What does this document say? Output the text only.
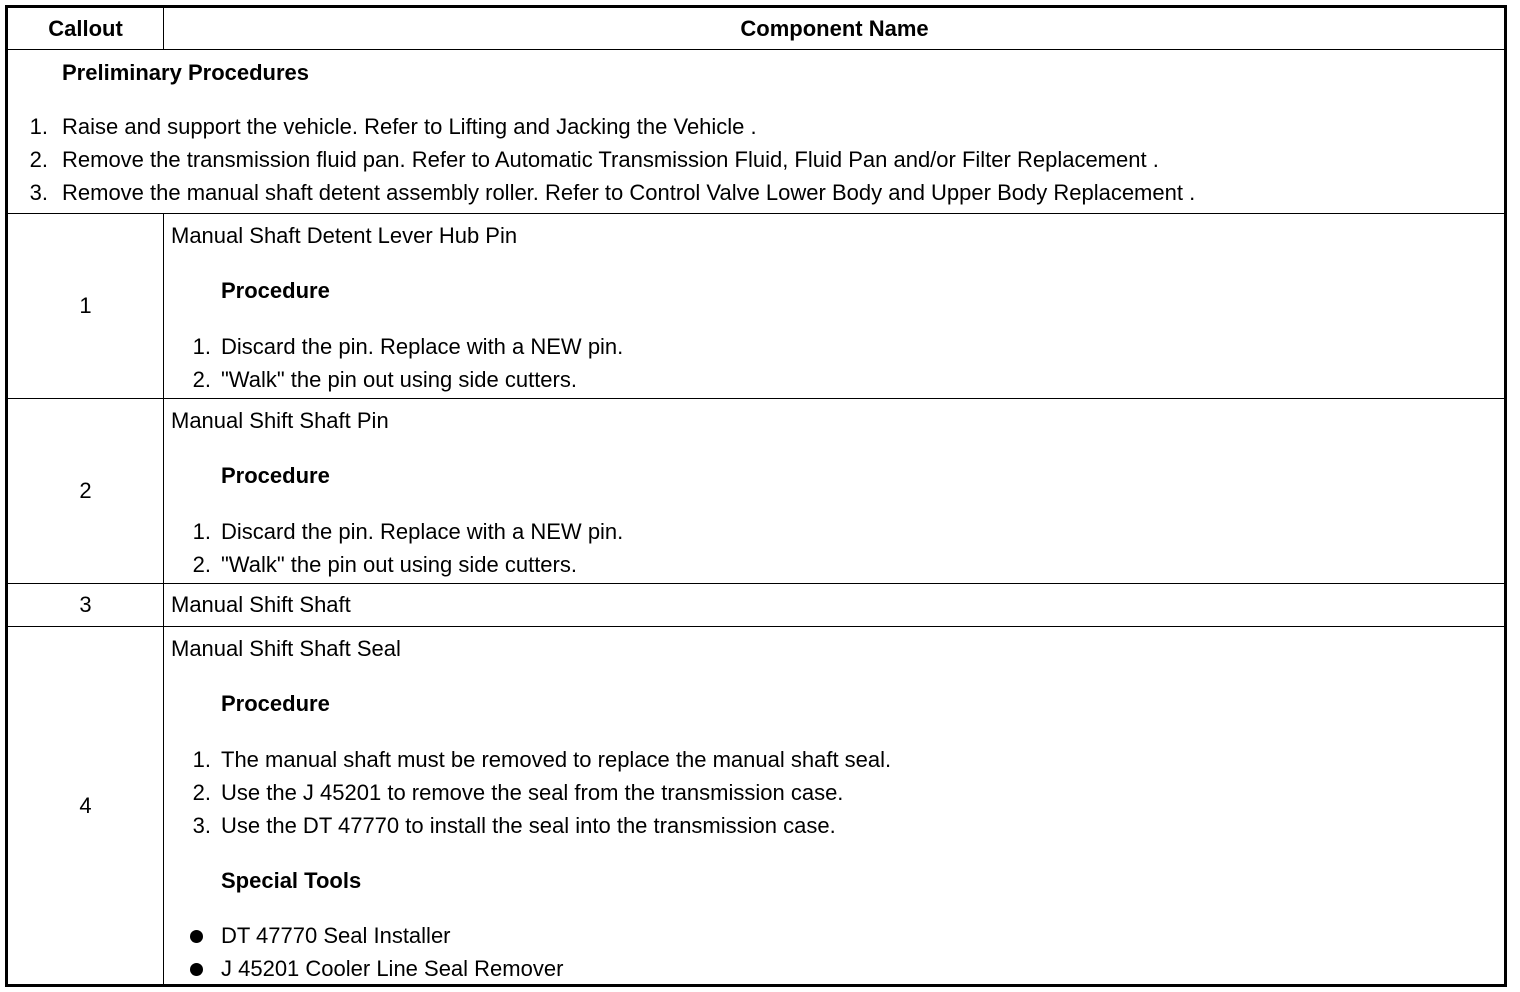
Callout	Component Name
Preliminary Procedures
1. Raise and support the vehicle. Refer to Lifting and Jacking the Vehicle .
2. Remove the transmission fluid pan. Refer to Automatic Transmission Fluid, Fluid Pan and/or Filter Replacement .
3. Remove the manual shaft detent assembly roller. Refer to Control Valve Lower Body and Upper Body Replacement .
1
Manual Shaft Detent Lever Hub Pin
Procedure
1. Discard the pin. Replace with a NEW pin.
2. "Walk" the pin out using side cutters.
2
Manual Shift Shaft Pin
Procedure
1. Discard the pin. Replace with a NEW pin.
2. "Walk" the pin out using side cutters.
3	Manual Shift Shaft
4
Manual Shift Shaft Seal
Procedure
1. The manual shaft must be removed to replace the manual shaft seal.
2. Use the J 45201 to remove the seal from the transmission case.
3. Use the DT 47770 to install the seal into the transmission case.
Special Tools
DT 47770 Seal Installer
J 45201 Cooler Line Seal Remover
